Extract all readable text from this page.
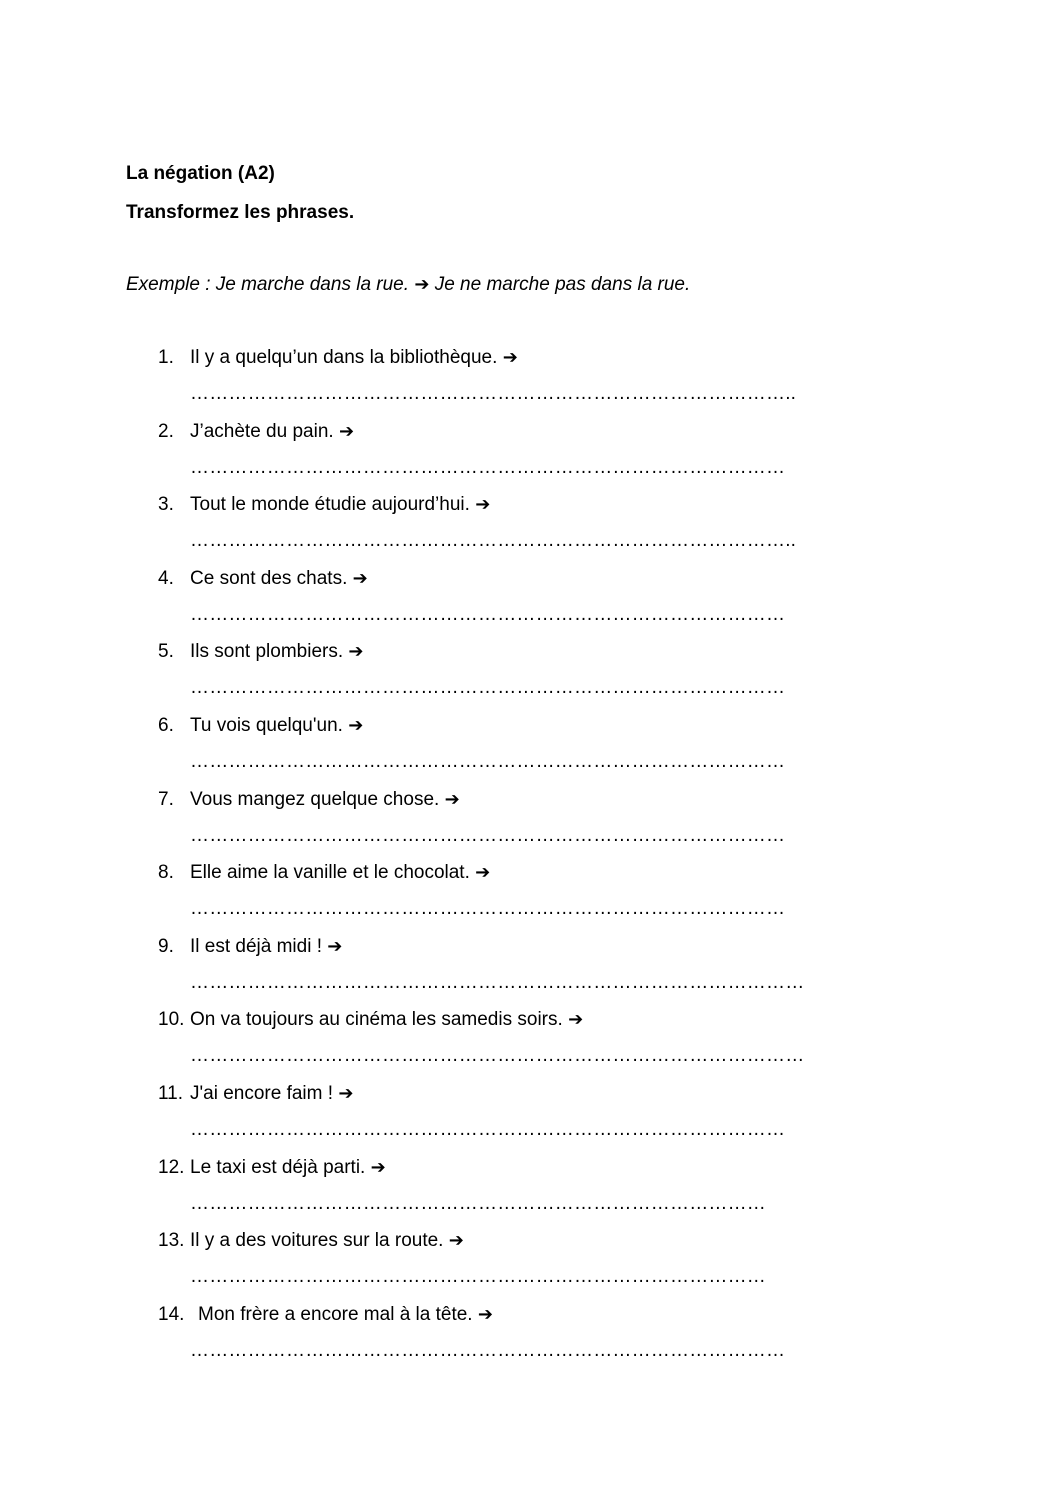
La négation (A2)
Transformez les phrases.
Exemple : Je marche dans la rue. ➔ Je ne marche pas dans la rue.
1. Il y a quelqu’un dans la bibliothèque. ➔
…………………………………………………………………………………..
2. J’achète du pain. ➔
…………………………………………………………………………………
3. Tout le monde étudie aujourd’hui. ➔
…………………………………………………………………………………..
4. Ce sont des chats. ➔
…………………………………………………………………………………
5. Ils sont plombiers. ➔
…………………………………………………………………………………
6. Tu vois quelqu'un. ➔
…………………………………………………………………………………
7. Vous mangez quelque chose. ➔
…………………………………………………………………………………
8. Elle aime la vanille et le chocolat. ➔
…………………………………………………………………………………
9. Il est déjà midi ! ➔
……………………………………………………………………………………
10. On va toujours au cinéma les samedis soirs. ➔
……………………………………………………………………………………
11. J'ai encore faim ! ➔
…………………………………………………………………………………
12. Le taxi est déjà parti. ➔
………………………………………………………………………………
13. Il y a des voitures sur la route. ➔
………………………………………………………………………………
14. Mon frère a encore mal à la tête. ➔
…………………………………………………………………………………
